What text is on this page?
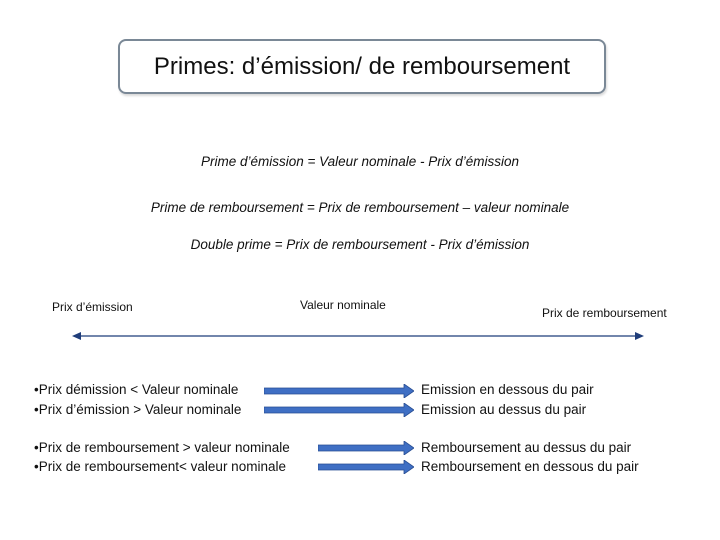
Primes: d’émission/ de remboursement
Prime d’émission = Valeur nominale - Prix d’émission
Prime de remboursement = Prix de remboursement – valeur nominale
Double prime = Prix de remboursement - Prix d’émission
Prix d’émission	Valeur nominale
Prix de remboursement
•Prix démission < Valeur nominale
•Prix d’émission > Valeur nominale
•Prix de remboursement > valeur nominale
•Prix de remboursement< valeur nominale
Emission en dessous du pair
Emission au dessus du pair
Remboursement au dessus du pair
Remboursement en dessous du pair
